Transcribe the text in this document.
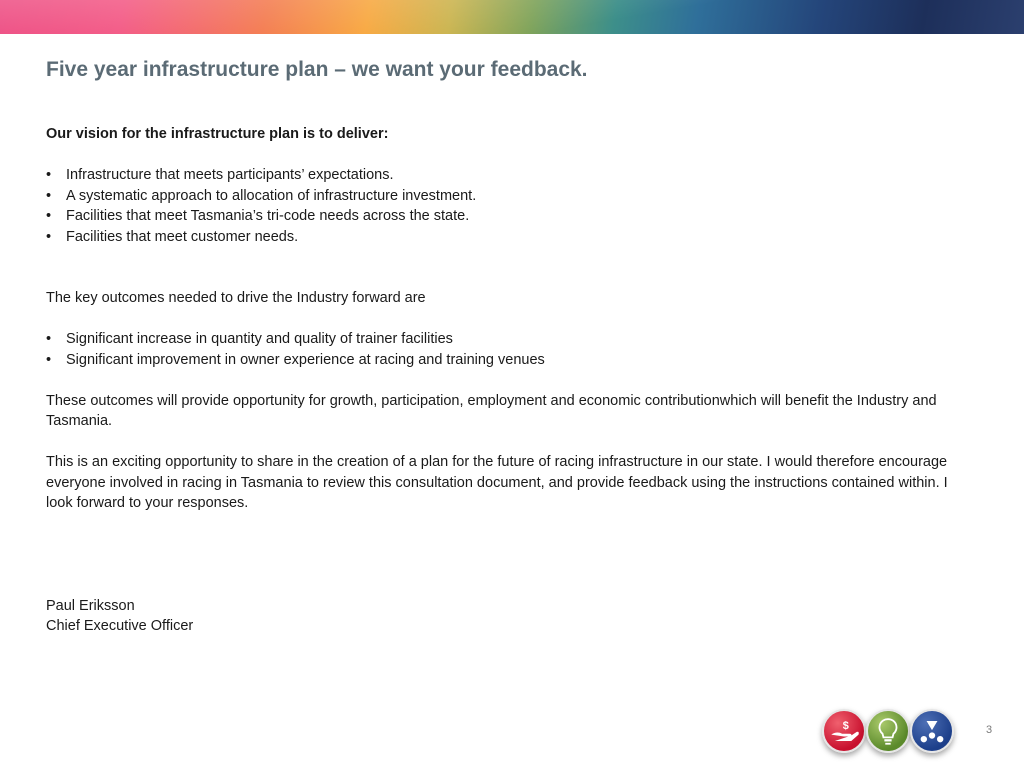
Five year infrastructure plan – we want your feedback.

Our vision for the infrastructure plan is to deliver:

• Infrastructure that meets participants’ expectations.
• A systematic approach to allocation of infrastructure investment.
• Facilities that meet Tasmania’s tri-code needs across the state.
• Facilities that meet customer needs.

The key outcomes needed to drive the Industry forward are

• Significant increase in quantity and quality of trainer facilities
• Significant improvement in owner experience at racing and training venues

These outcomes will provide opportunity for growth, participation, employment and economic contributionwhich will benefit the Industry and Tasmania.

This is an exciting opportunity to share in the creation of a plan for the future of racing infrastructure in our state. I would therefore encourage everyone involved in racing in Tasmania to review this consultation document, and provide feedback using the instructions contained within. I look forward to your responses.

Paul Eriksson

Chief Executive Officer

$	3
